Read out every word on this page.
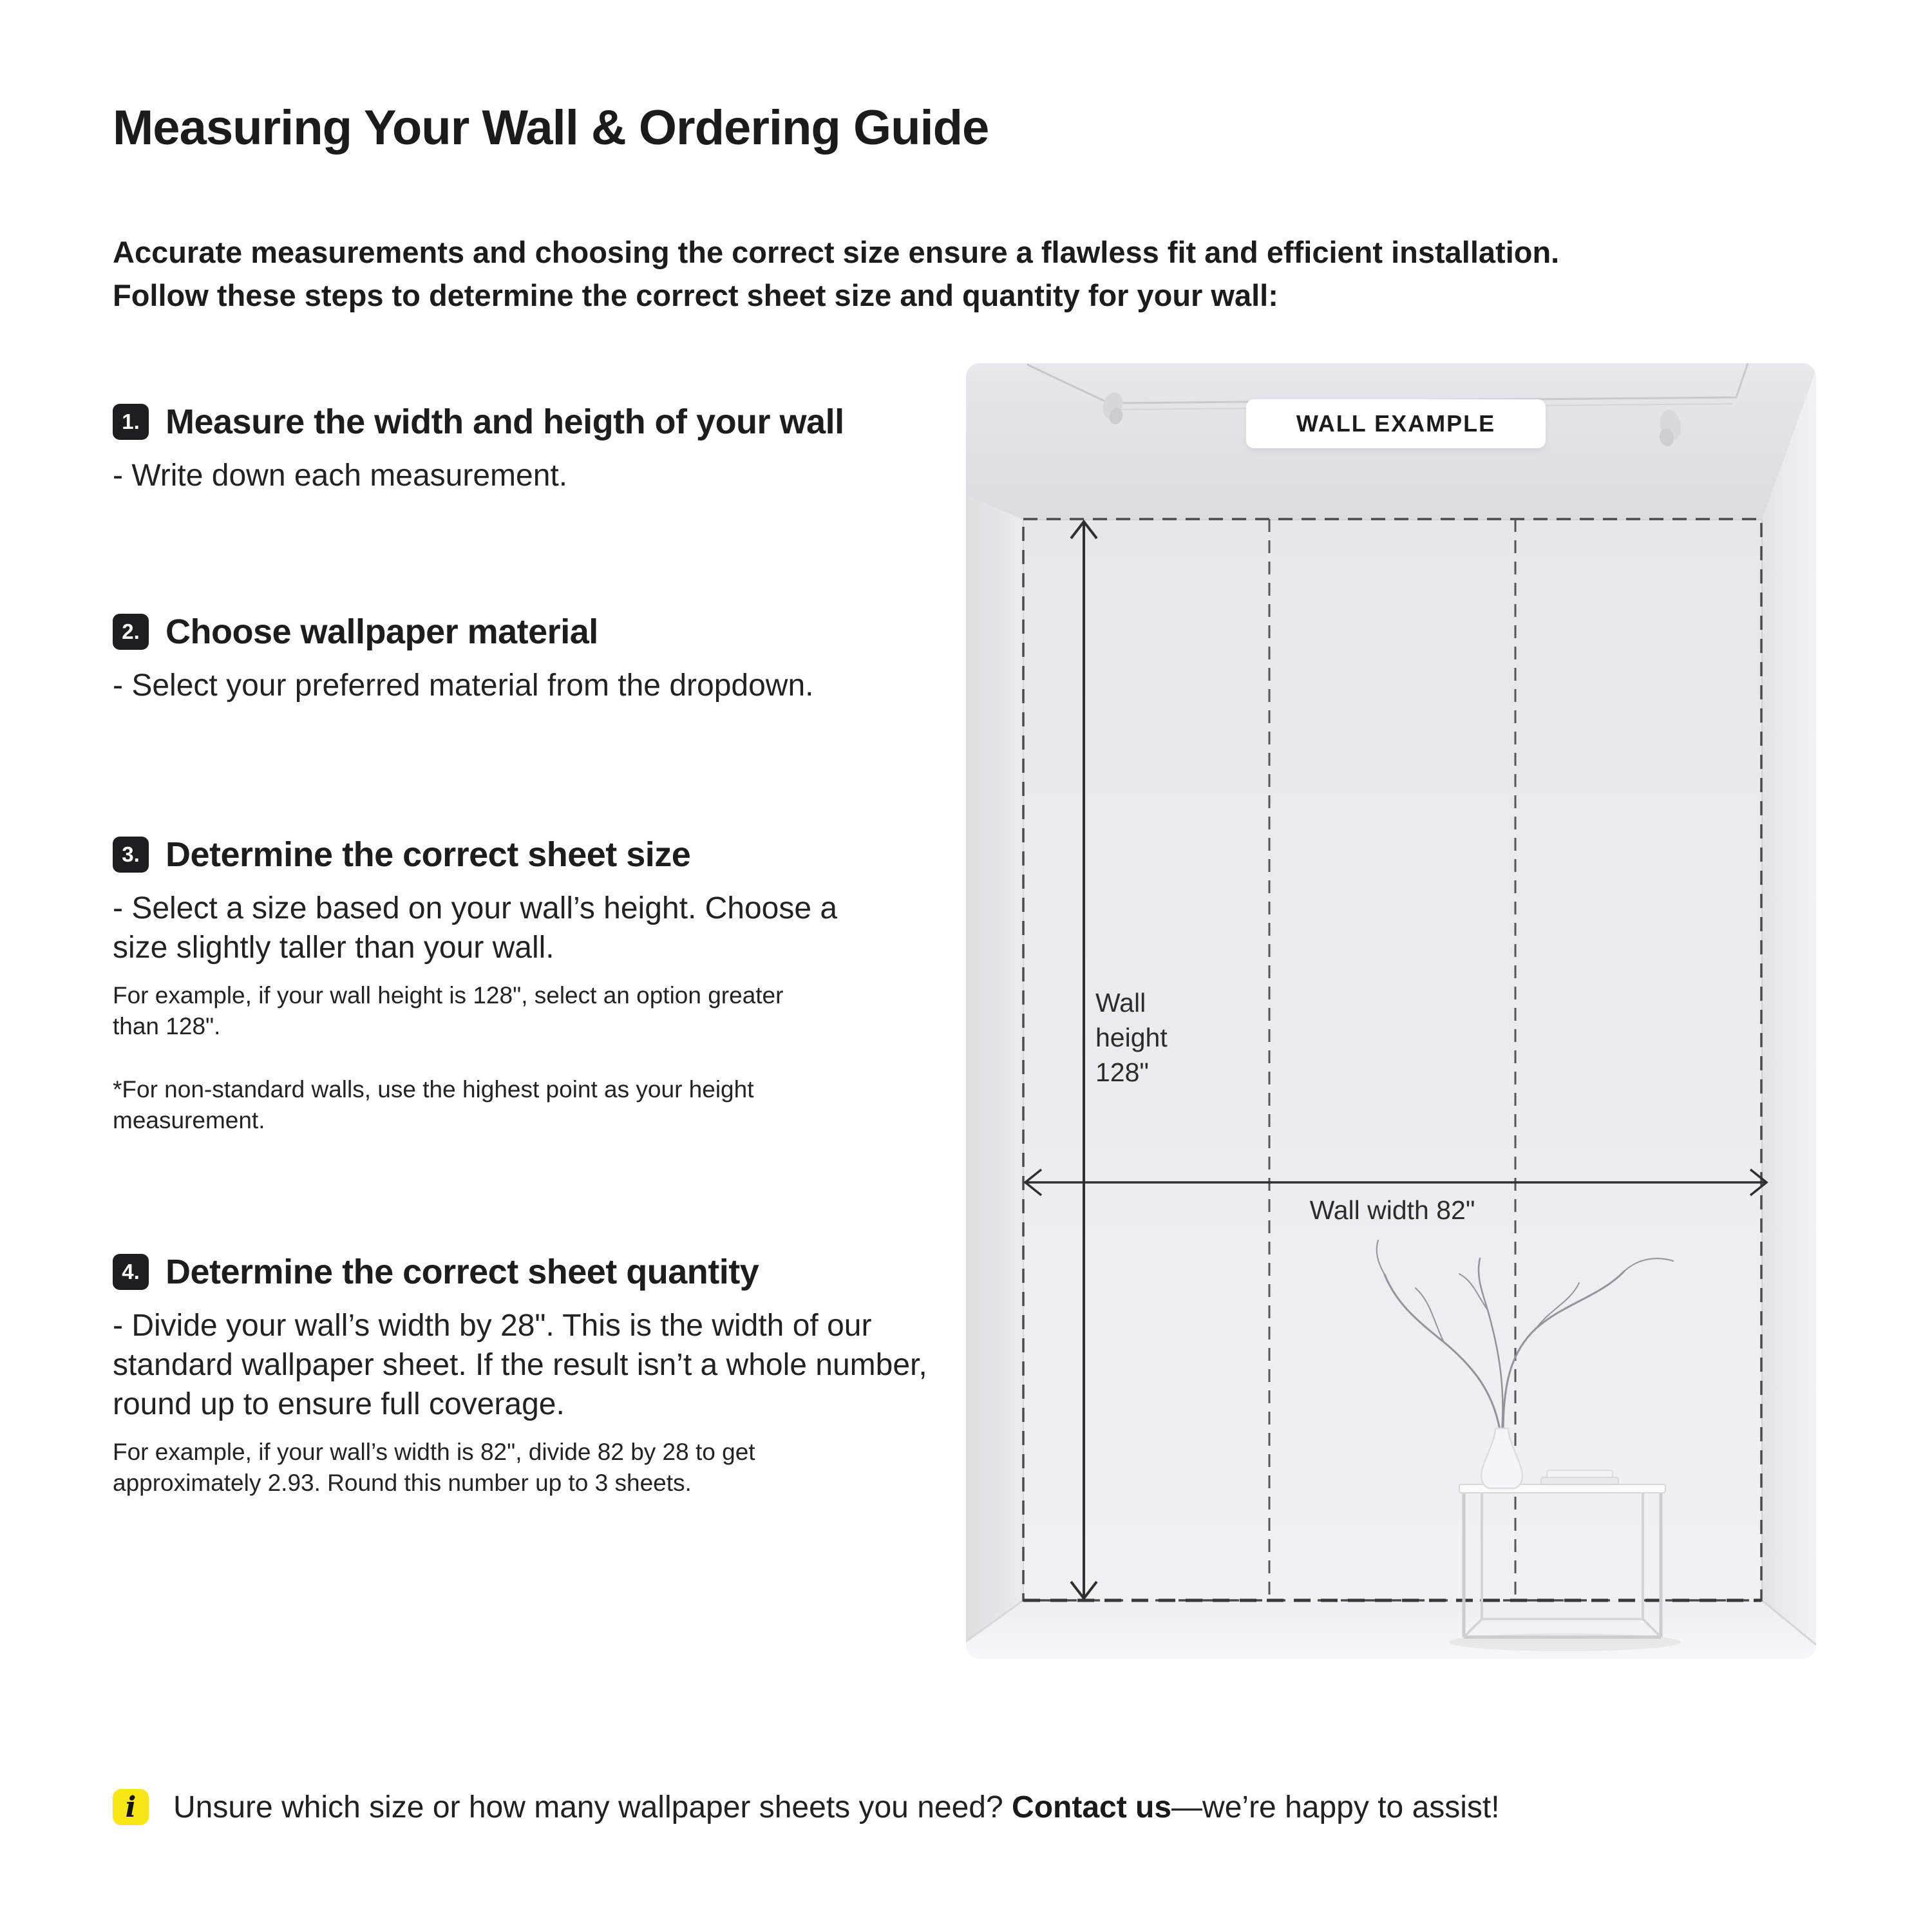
Measuring Your Wall & Ordering Guide

Accurate measurements and choosing the correct size ensure a flawless fit and efficient installation.
Follow these steps to determine the correct sheet size and quantity for your wall:

1. Measure the width and heigth of your wall

- Write down each measurement.

2. Choose wallpaper material

- Select your preferred material from the dropdown.

3. Determine the correct sheet size

- Select a size based on your wall’s height. Choose a size slightly taller than your wall.

For example, if your wall height is 128", select an option greater than 128".

*For non-standard walls, use the highest point as your height measurement.

4. Determine the correct sheet quantity

- Divide your wall’s width by 28". This is the width of our standard wallpaper sheet. If the result isn’t a whole number, round up to ensure full coverage.

For example, if your wall’s width is 82", divide 82 by 28 to get approximately 2.93. Round this number up to 3 sheets.

WALL EXAMPLE
Wall height 128"
Wall width 82"
i	Unsure which size or how many wallpaper sheets you need? Contact us—we’re happy to assist!
